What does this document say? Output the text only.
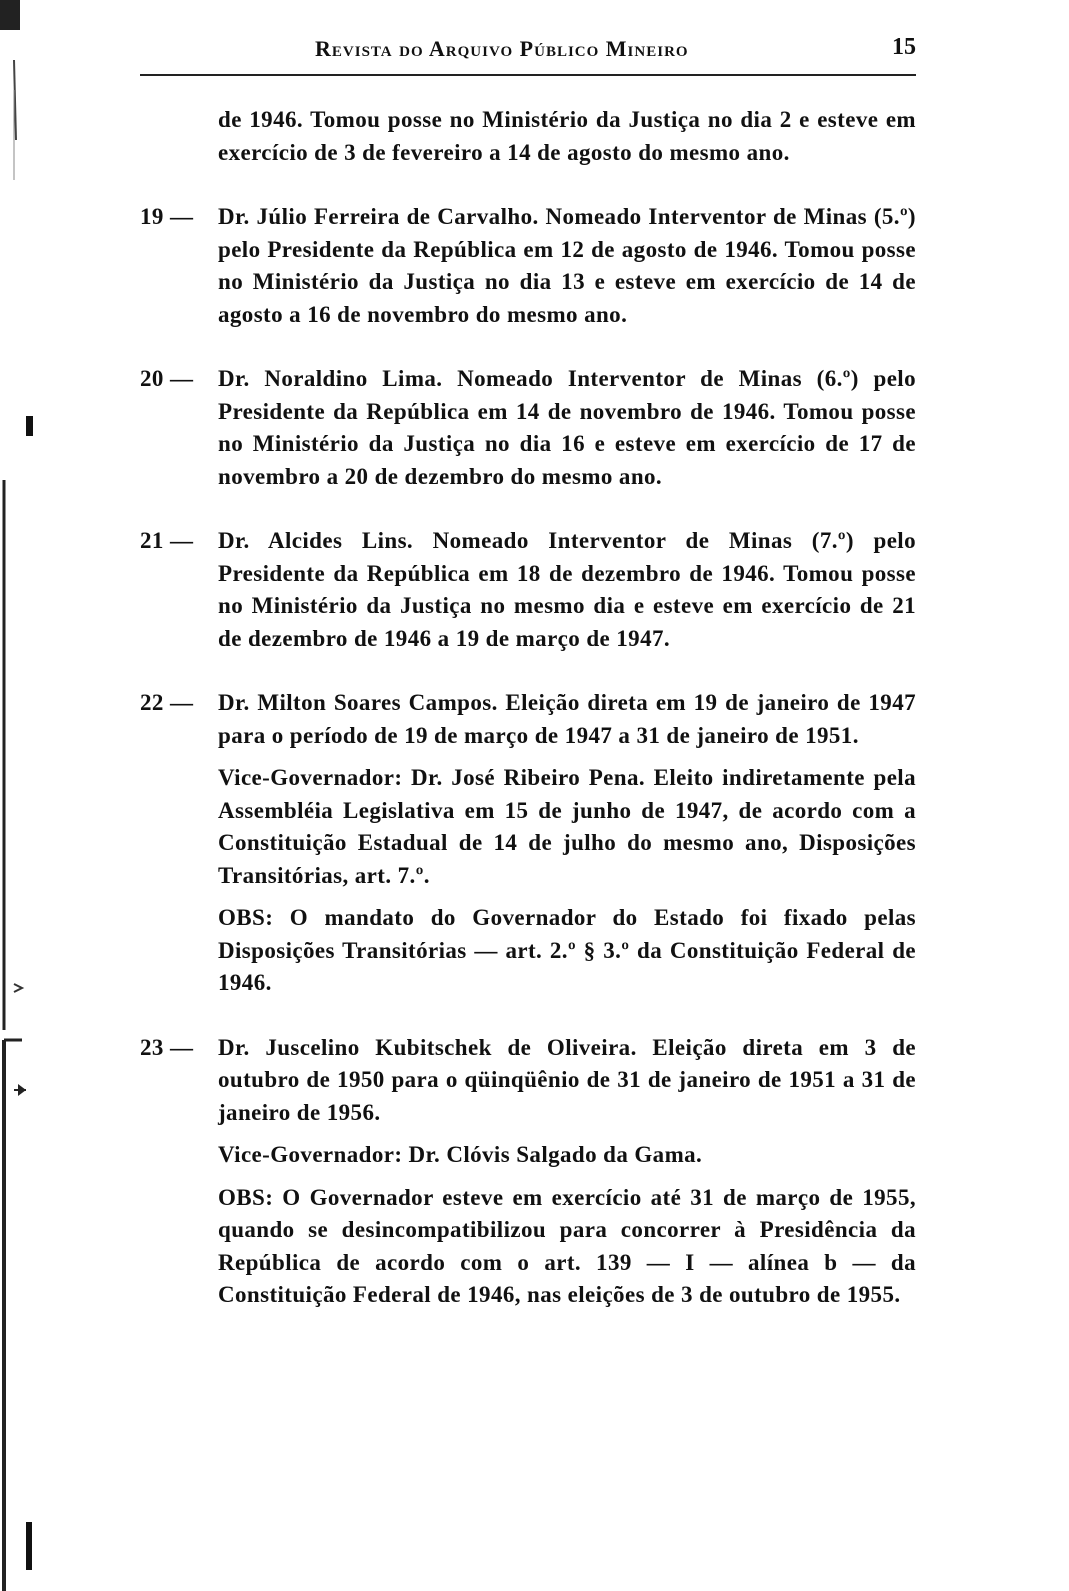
Revista do Arquivo Público Mineiro	15

de 1946. Tomou posse no Ministério da Justiça no dia 2 e esteve em exercício de 3 de fevereiro a 14 de agosto do mesmo ano.

19 —	Dr. Júlio Ferreira de Carvalho. Nomeado Interventor de Minas (5.º) pelo Presidente da República em 12 de agosto de 1946. Tomou posse no Ministério da Justiça no dia 13 e esteve em exercício de 14 de agosto a 16 de novembro do mesmo ano.

20 —	Dr. Noraldino Lima. Nomeado Interventor de Minas (6.º) pelo Presidente da República em 14 de novembro de 1946. Tomou posse no Ministério da Justiça no dia 16 e esteve em exercício de 17 de novembro a 20 de dezembro do mesmo ano.

21 —	Dr. Alcides Lins. Nomeado Interventor de Minas (7.º) pelo Presidente da República em 18 de dezembro de 1946. Tomou posse no Ministério da Justiça no mesmo dia e esteve em exercício de 21 de dezembro de 1946 a 19 de março de 1947.

22 —	Dr. Milton Soares Campos. Eleição direta em 19 de janeiro de 1947 para o período de 19 de março de 1947 a 31 de janeiro de 1951.

Vice-Governador: Dr. José Ribeiro Pena. Eleito indiretamente pela Assembléia Legislativa em 15 de junho de 1947, de acordo com a Constituição Estadual de 14 de julho do mesmo ano, Disposições Transitórias, art. 7.º.

OBS: O mandato do Governador do Estado foi fixado pelas Disposições Transitórias — art. 2.º § 3.º da Constituição Federal de 1946.

23 —	Dr. Juscelino Kubitschek de Oliveira. Eleição direta em 3 de outubro de 1950 para o qüinqüênio de 31 de janeiro de 1951 a 31 de janeiro de 1956.

Vice-Governador: Dr. Clóvis Salgado da Gama.

OBS: O Governador esteve em exercício até 31 de março de 1955, quando se desincompatibilizou para concorrer à Presidência da República de acordo com o art. 139 — I — alínea b — da Constituição Federal de 1946, nas eleições de 3 de outubro de 1955.
